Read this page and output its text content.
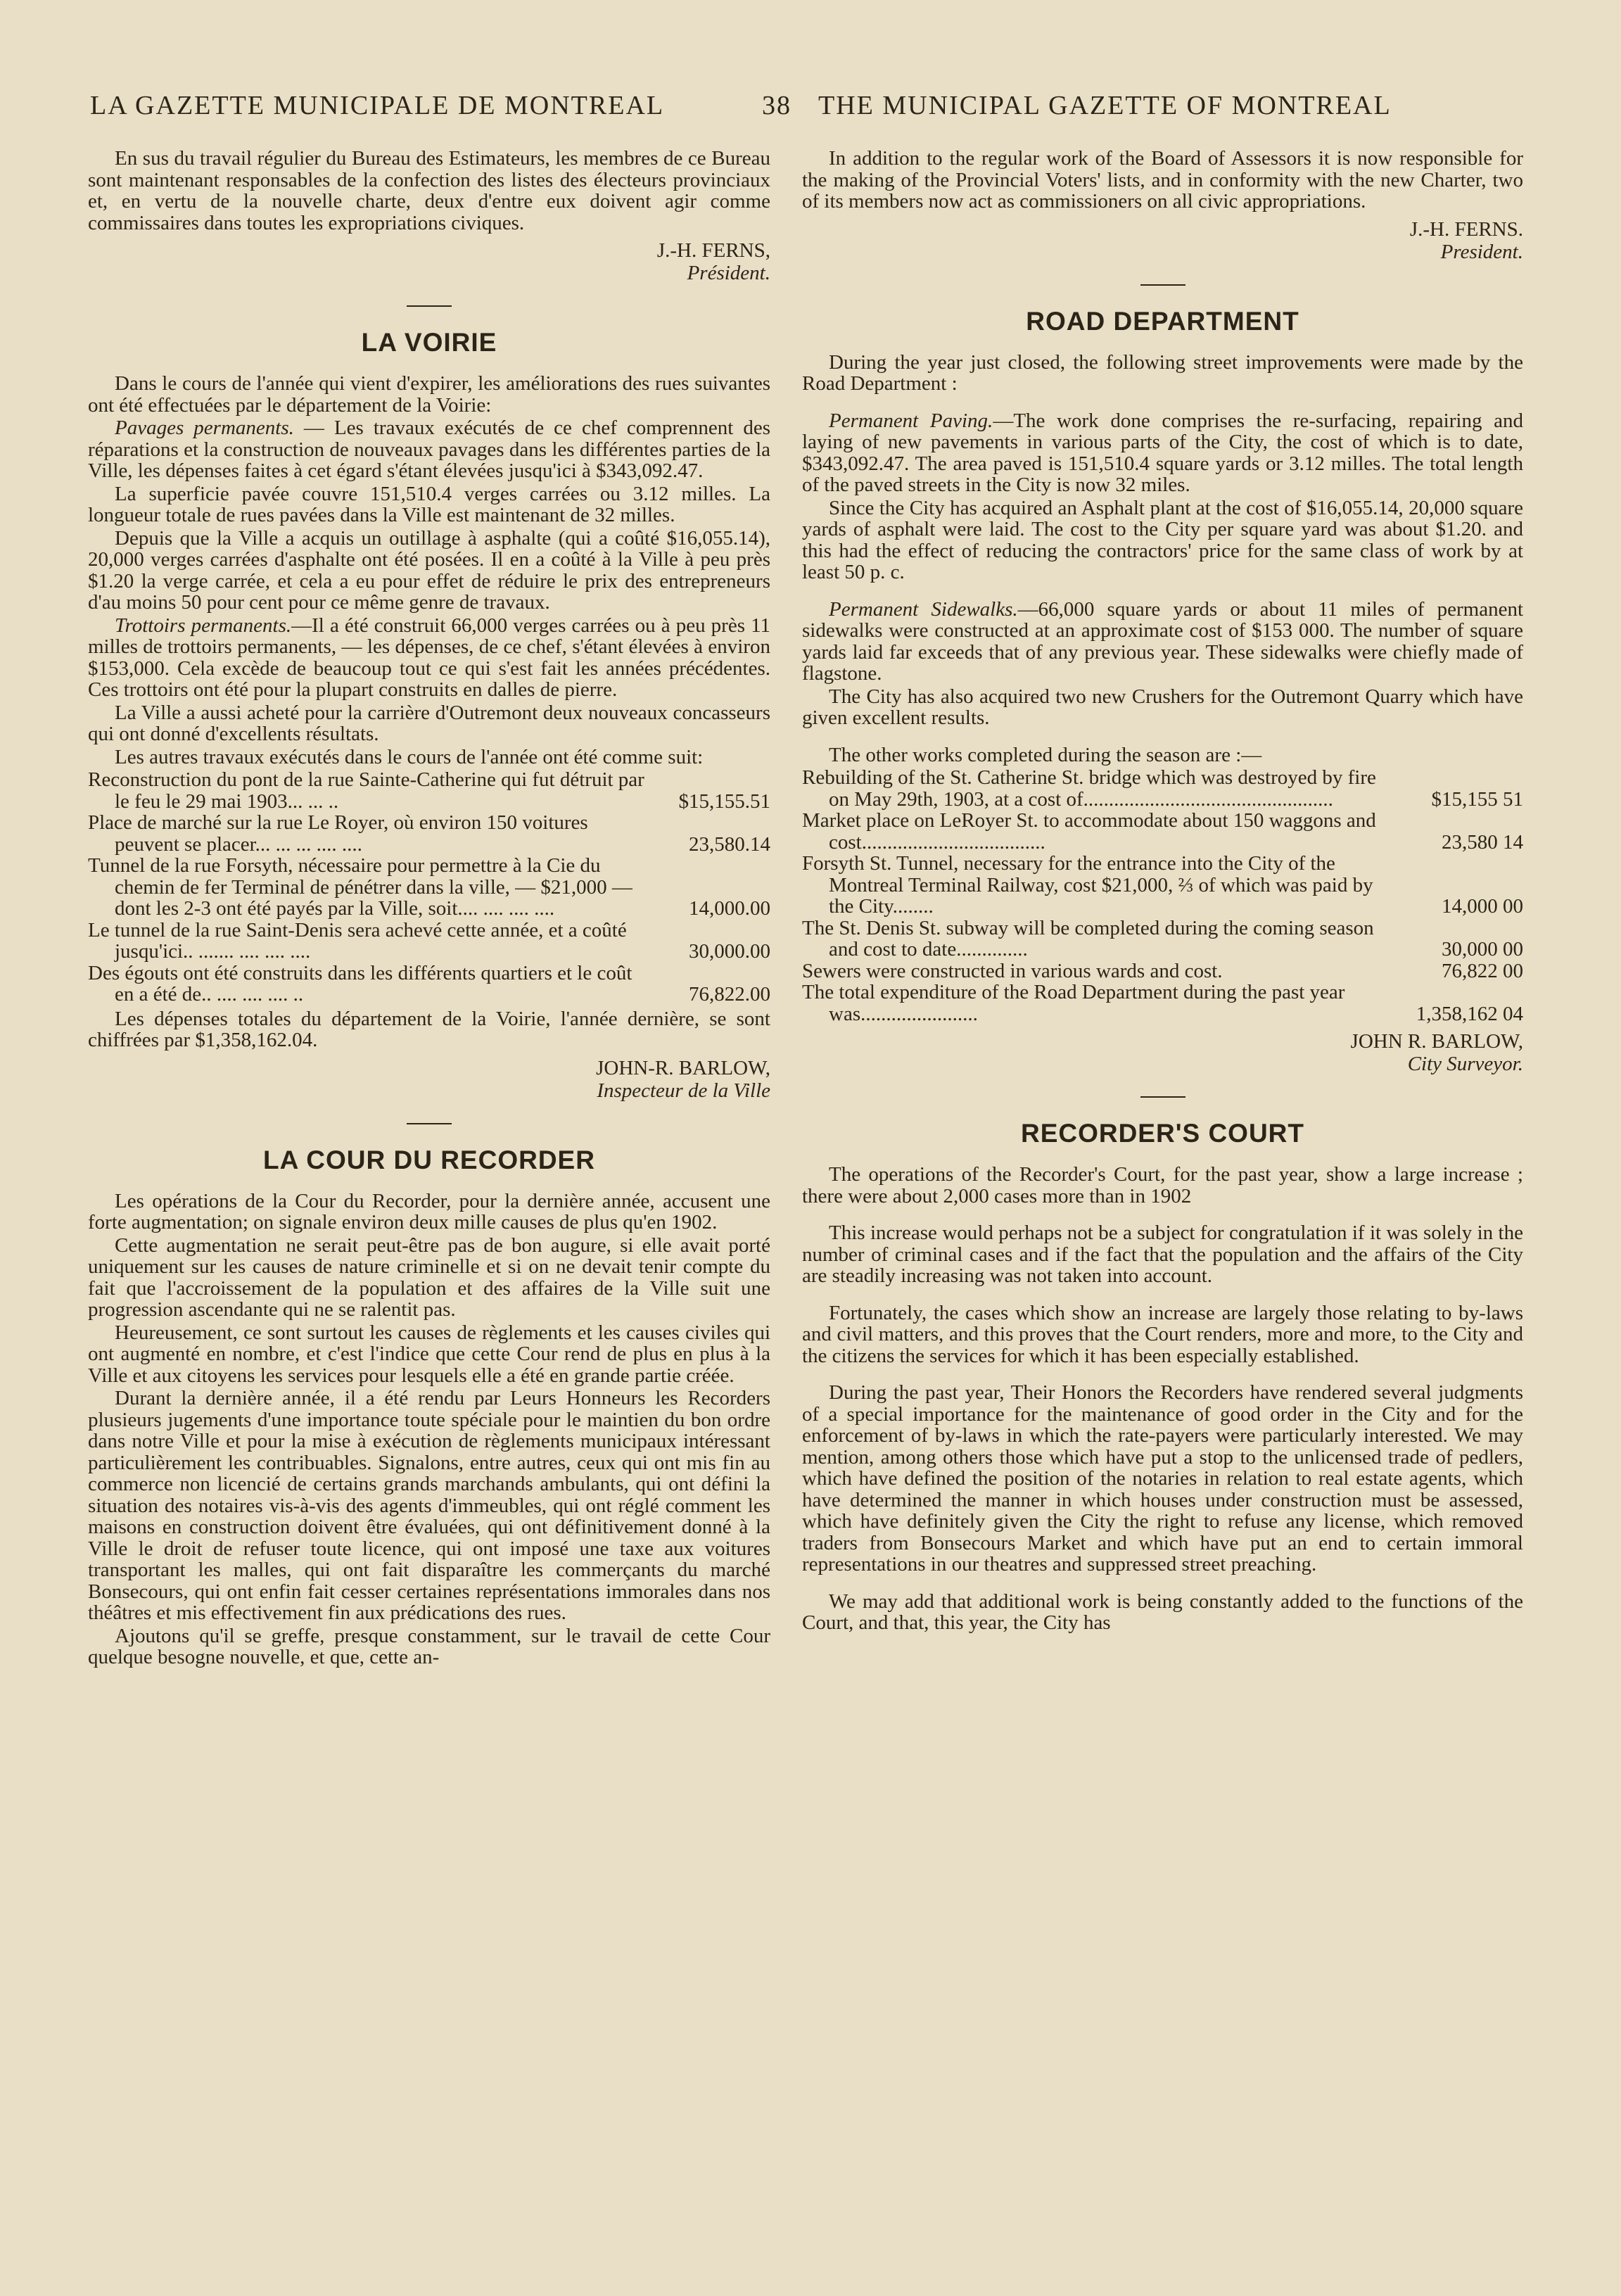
LA GAZETTE MUNICIPALE DE MONTREAL	38 THE MUNICIPAL GAZETTE OF MONTREAL

En sus du travail régulier du Bureau des Estimateurs, les membres de ce Bureau sont maintenant responsables de la confection des listes des électeurs provinciaux et, en vertu de la nouvelle charte, deux d'entre eux doivent agir comme commissaires dans toutes les expropriations civiques.

J.-H. FERNS,
Président.
LA VOIRIE

Dans le cours de l'année qui vient d'expirer, les améliorations des rues suivantes ont été effectuées par le département de la Voirie:

Pavages permanents. — Les travaux exécutés de ce chef comprennent des réparations et la construction de nouveaux pavages dans les différentes parties de la Ville, les dépenses faites à cet égard s'étant élevées jusqu'ici à $343,092.47.

La superficie pavée couvre 151,510.4 verges carrées ou 3.12 milles. La longueur totale de rues pavées dans la Ville est maintenant de 32 milles.

Depuis que la Ville a acquis un outillage à asphalte (qui a coûté $16,055.14), 20,000 verges carrées d'asphalte ont été posées. Il en a coûté à la Ville à peu près $1.20 la verge carrée, et cela a eu pour effet de réduire le prix des entrepreneurs d'au moins 50 pour cent pour ce même genre de travaux.

Trottoirs permanents.—Il a été construit 66,000 verges carrées ou à peu près 11 milles de trottoirs permanents, — les dépenses, de ce chef, s'étant élevées à environ $153,000. Cela excède de beaucoup tout ce qui s'est fait les années précédentes. Ces trottoirs ont été pour la plupart construits en dalles de pierre.

La Ville a aussi acheté pour la carrière d'Outremont deux nouveaux concasseurs qui ont donné d'excellents résultats.

Les autres travaux exécutés dans le cours de l'année ont été comme suit:

Reconstruction du pont de la rue Sainte-Catherine qui fut détruit par le feu le 29 mai 1903... ... ..	$15,155.51
Place de marché sur la rue Le Royer, où environ 150 voitures peuvent se placer... ... ... .... ....	23,580.14
Tunnel de la rue Forsyth, nécessaire pour permettre à la Cie du chemin de fer Terminal de pénétrer dans la ville, — $21,000 — dont les 2-3 ont été payés par la Ville, soit.... .... .... ....	14,000.00
Le tunnel de la rue Saint-Denis sera achevé cette année, et a coûté jusqu'ici.. ....... .... .... ....	30,000.00
Des égouts ont été construits dans les différents quartiers et le coût en a été de.. .... .... .... ..	76,822.00

Les dépenses totales du département de la Voirie, l'année dernière, se sont chiffrées par $1,358,162.04.

JOHN-R. BARLOW,
Inspecteur de la Ville
LA COUR DU RECORDER

Les opérations de la Cour du Recorder, pour la dernière année, accusent une forte augmentation; on signale environ deux mille causes de plus qu'en 1902.

Cette augmentation ne serait peut-être pas de bon augure, si elle avait porté uniquement sur les causes de nature criminelle et si on ne devait tenir compte du fait que l'accroissement de la population et des affaires de la Ville suit une progression ascendante qui ne se ralentit pas.

Heureusement, ce sont surtout les causes de règlements et les causes civiles qui ont augmenté en nombre, et c'est l'indice que cette Cour rend de plus en plus à la Ville et aux citoyens les services pour lesquels elle a été en grande partie créée.

Durant la dernière année, il a été rendu par Leurs Honneurs les Recorders plusieurs jugements d'une importance toute spéciale pour le maintien du bon ordre dans notre Ville et pour la mise à exécution de règlements municipaux intéressant particulièrement les contribuables. Signalons, entre autres, ceux qui ont mis fin au commerce non licencié de certains grands marchands ambulants, qui ont défini la situation des notaires vis-à-vis des agents d'immeubles, qui ont réglé comment les maisons en construction doivent être évaluées, qui ont définitivement donné à la Ville le droit de refuser toute licence, qui ont imposé une taxe aux voitures transportant les malles, qui ont fait disparaître les commerçants du marché Bonsecours, qui ont enfin fait cesser certaines représentations immorales dans nos théâtres et mis effectivement fin aux prédications des rues.

Ajoutons qu'il se greffe, presque constamment, sur le travail de cette Cour quelque besogne nouvelle, et que, cette an-

In addition to the regular work of the Board of Assessors it is now responsible for the making of the Provincial Voters' lists, and in conformity with the new Charter, two of its members now act as commissioners on all civic appropriations.

J.-H. FERNS.
President.
ROAD DEPARTMENT

During the year just closed, the following street improvements were made by the Road Department :

Permanent Paving.—The work done comprises the re-surfacing, repairing and laying of new pavements in various parts of the City, the cost of which is to date, $343,092.47. The area paved is 151,510.4 square yards or 3.12 milles. The total length of the paved streets in the City is now 32 miles.

Since the City has acquired an Asphalt plant at the cost of $16,055.14, 20,000 square yards of asphalt were laid. The cost to the City per square yard was about $1.20. and this had the effect of reducing the contractors' price for the same class of work by at least 50 p. c.

Permanent Sidewalks.—66,000 square yards or about 11 miles of permanent sidewalks were constructed at an approximate cost of $153 000. The number of square yards laid far exceeds that of any previous year. These sidewalks were chiefly made of flagstone.

The City has also acquired two new Crushers for the Outremont Quarry which have given excellent results.

The other works completed during the season are :—

Rebuilding of the St. Catherine St. bridge which was destroyed by fire on May 29th, 1903, at a cost of.................................................	$15,155 51
Market place on LeRoyer St. to accommodate about 150 waggons and cost....................................	23,580 14
Forsyth St. Tunnel, necessary for the entrance into the City of the Montreal Terminal Railway, cost $21,000, ⅔ of which was paid by the City........	14,000 00
The St. Denis St. subway will be completed during the coming season and cost to date..............	30,000 00
Sewers were constructed in various wards and cost.	76,822 00
The total expenditure of the Road Department during the past year was.......................	1,358,162 04
JOHN R. BARLOW,
City Surveyor.
RECORDER'S COURT

The operations of the Recorder's Court, for the past year, show a large increase ; there were about 2,000 cases more than in 1902

This increase would perhaps not be a subject for congratulation if it was solely in the number of criminal cases and if the fact that the population and the affairs of the City are steadily increasing was not taken into account.

Fortunately, the cases which show an increase are largely those relating to by-laws and civil matters, and this proves that the Court renders, more and more, to the City and the citizens the services for which it has been especially established.

During the past year, Their Honors the Recorders have rendered several judgments of a special importance for the maintenance of good order in the City and for the enforcement of by-laws in which the rate-payers were particularly interested. We may mention, among others those which have put a stop to the unlicensed trade of pedlers, which have defined the position of the notaries in relation to real estate agents, which have determined the manner in which houses under construction must be assessed, which have definitely given the City the right to refuse any license, which removed traders from Bonsecours Market and which have put an end to certain immoral representations in our theatres and suppressed street preaching.

We may add that additional work is being constantly added to the functions of the Court, and that, this year, the City has
